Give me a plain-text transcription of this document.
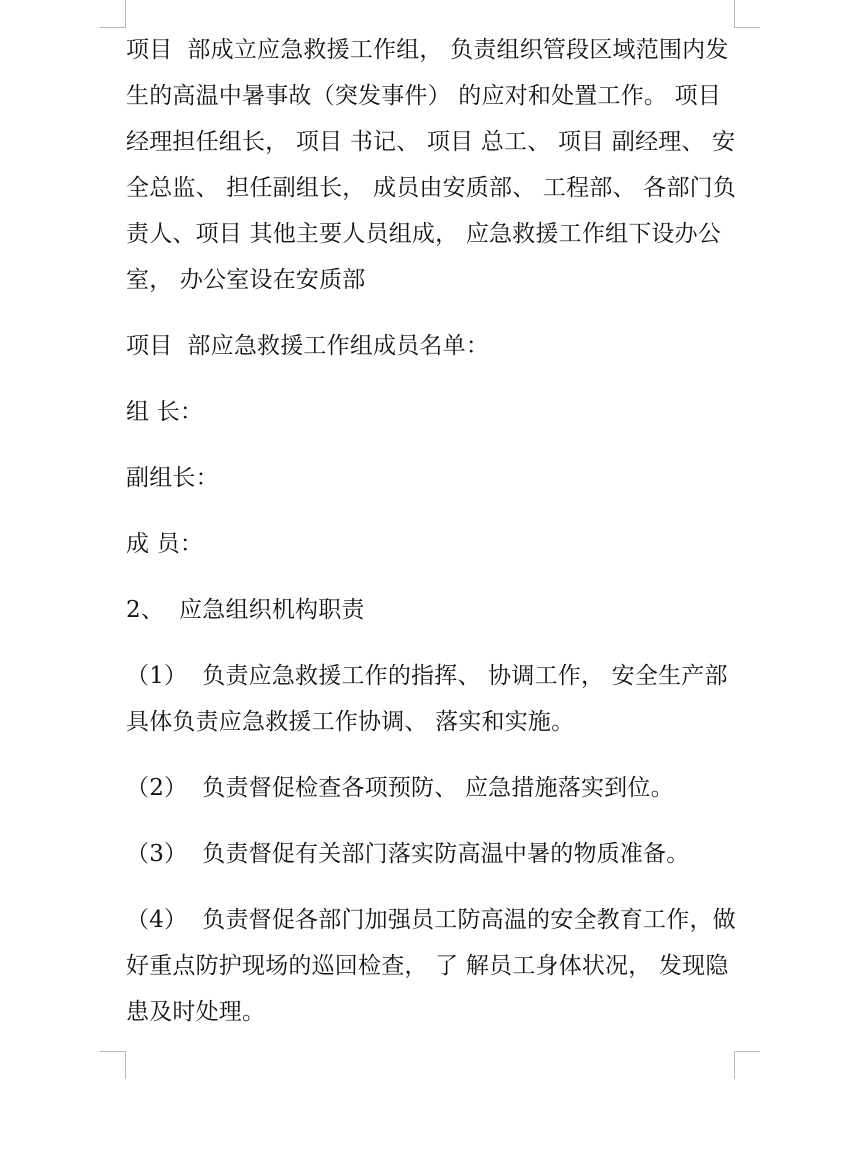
项目  部成立应急救援工作组， 负责组织管段区域范围内发生的高温中暑事故（突发事件） 的应对和处置工作。 项目经理担任组长， 项目 书记、 项目 总工、 项目 副经理、 安全总监、 担任副组长， 成员由安质部、 工程部、 各部门负责人、项目 其他主要人员组成， 应急救援工作组下设办公室， 办公室设在安质部

项目  部应急救援工作组成员名单：

组 长：

副组长：

成 员：

2、  应急组织机构职责

（1）  负责应急救援工作的指挥、 协调工作， 安全生产部具体负责应急救援工作协调、 落实和实施。

（2）  负责督促检查各项预防、 应急措施落实到位。

（3）  负责督促有关部门落实防高温中暑的物质准备。

（4）  负责督促各部门加强员工防高温的安全教育工作，做好重点防护现场的巡回检查， 了 解员工身体状况， 发现隐患及时处理。
